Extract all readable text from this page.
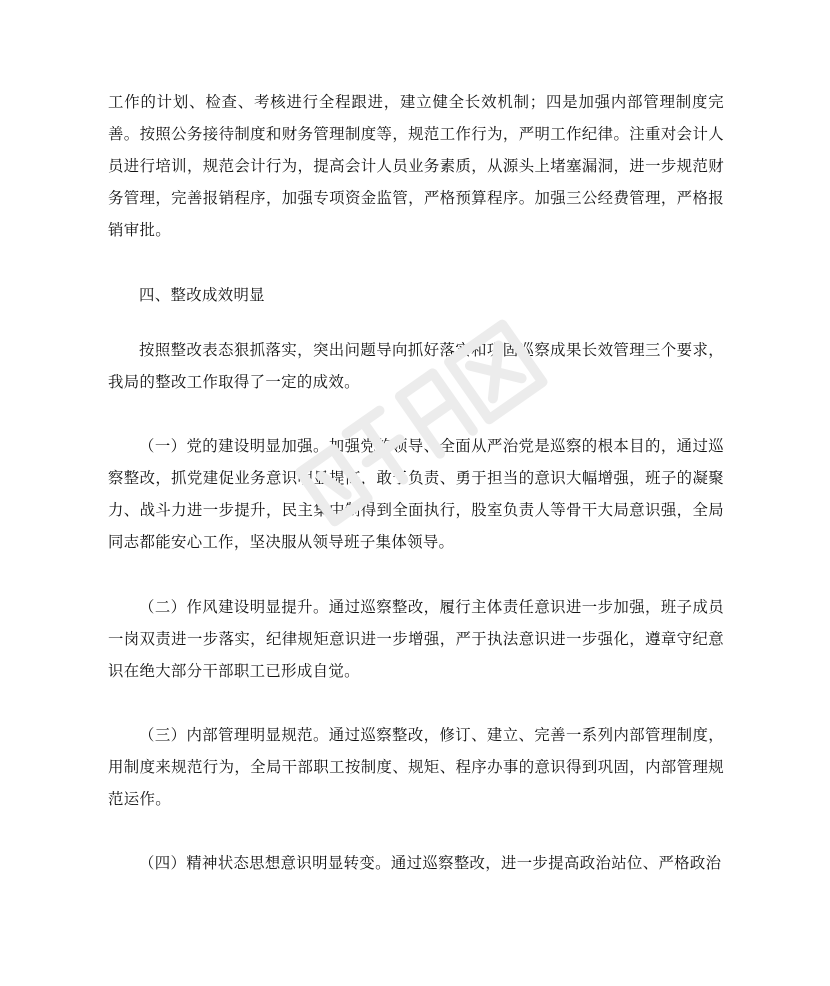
工作的计划、检查、考核进行全程跟进，建立健全长效机制；四是加强内部管理制度完善。按照公务接待制度和财务管理制度等，规范工作行为，严明工作纪律。注重对会计人员进行培训，规范会计行为，提高会计人员业务素质，从源头上堵塞漏洞，进一步规范财务管理，完善报销程序，加强专项资金监管，严格预算程序。加强三公经费管理，严格报销审批。

四、整改成效明显

按照整改表态狠抓落实，突出问题导向抓好落实和巩固巡察成果长效管理三个要求，我局的整改工作取得了一定的成效。

（一）党的建设明显加强。加强党的领导、全面从严治党是巡察的根本目的，通过巡察整改，抓党建促业务意识明显提高，敢于负责、勇于担当的意识大幅增强，班子的凝聚力、战斗力进一步提升，民主集中制得到全面执行，股室负责人等骨干大局意识强，全局同志都能安心工作，坚决服从领导班子集体领导。

（二）作风建设明显提升。通过巡察整改，履行主体责任意识进一步加强，班子成员一岗双责进一步落实，纪律规矩意识进一步增强，严于执法意识进一步强化，遵章守纪意识在绝大部分干部职工已形成自觉。

（三）内部管理明显规范。通过巡察整改，修订、建立、完善一系列内部管理制度，用制度来规范行为，全局干部职工按制度、规矩、程序办事的意识得到巩固，内部管理规范运作。

（四）精神状态思想意识明显转变。通过巡察整改，进一步提高政治站位、严格政治
